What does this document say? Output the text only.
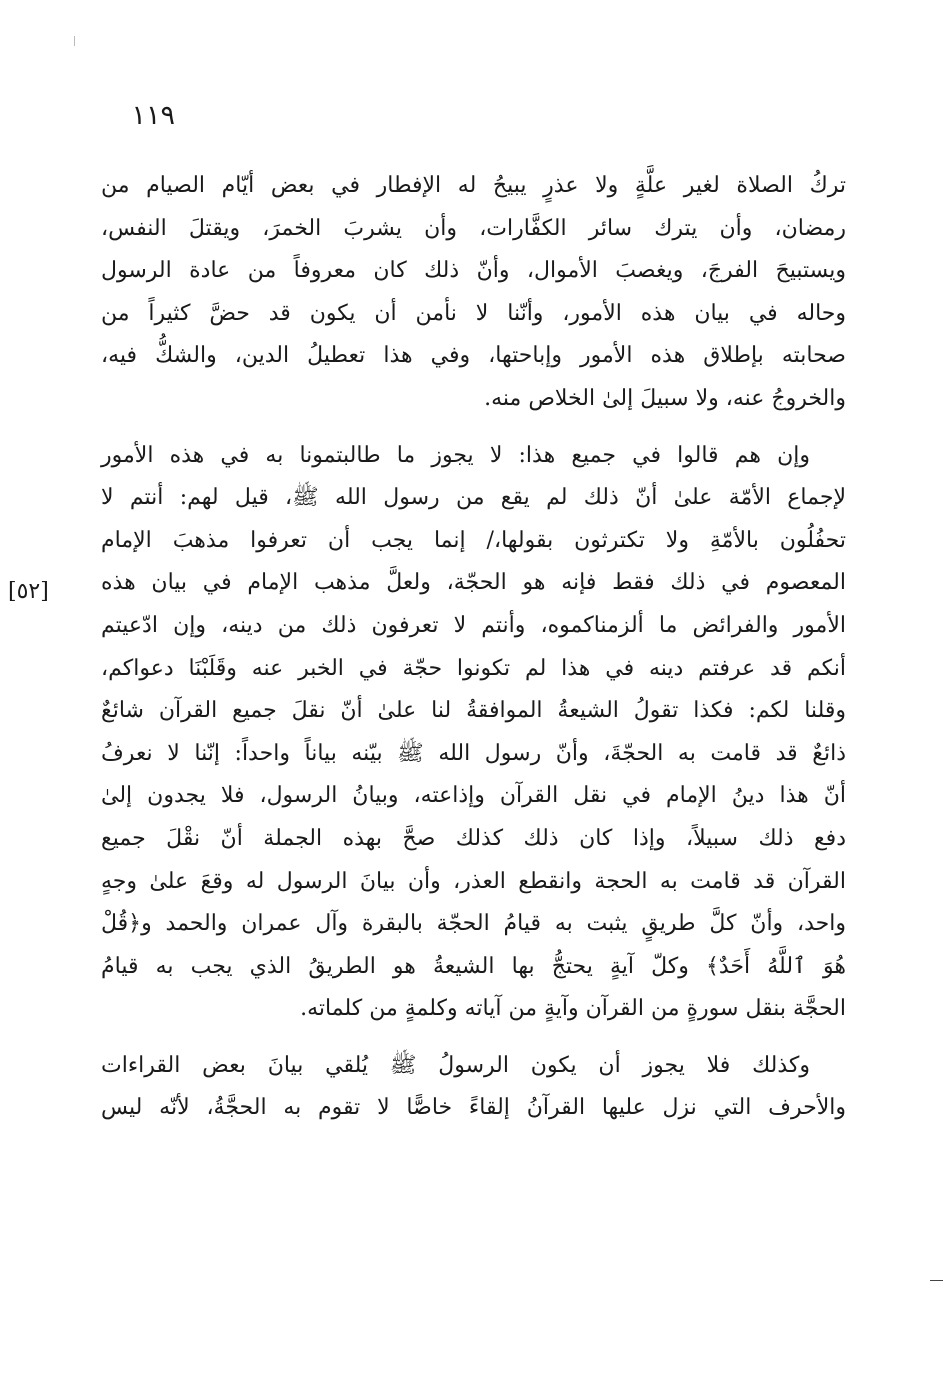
١١٩
[٥٢]

تركُ الصلاة لغير علَّةٍ ولا عذرٍ يبيحُ له الإفطار في بعض أيّام الصيام من
رمضان، وأن يترك سائر الكفَّارات، وأن يشربَ الخمرَ، ويقتلَ النفس،
ويستبيحَ الفرجَ، ويغصبَ الأموال، وأنّ ذلك كان معروفاً من عادة الرسول
وحاله في بيان هذه الأمور، وأنّنا لا نأمن أن يكون قد حضَّ كثيراً من
صحابته بإطلاق هذه الأمور وإباحتها، وفي هذا تعطيلُ الدين، والشكُّ فيه،
والخروجُ عنه، ولا سبيلَ إلىٰ الخلاص منه.

وإن هم قالوا في جميع هذا: لا يجوز ما طالبتمونا به في هذه الأمور
لإجماع الأمّة علىٰ أنّ ذلك لم يقع من رسول الله ﷺ، قيل لهم: أنتم لا
تحفُلُون بالأمّةِ ولا تكترثون بقولها،/ إنما يجب أن تعرفوا مذهبَ الإمام
المعصوم في ذلك فقط فإنه هو الحجّة، ولعلَّ مذهب الإمام في بيان هذه
الأمور والفرائض ما ألزمناكموه، وأنتم لا تعرفون ذلك من دينه، وإن ادّعيتم
أنكم قد عرفتم دينه في هذا لم تكونوا حجّة في الخبر عنه وقَلَبْنَا دعواكم،
وقلنا لكم: فكذا تقولُ الشيعةُ الموافقةُ لنا علىٰ أنّ نقلَ جميع القرآن شائعٌ
ذائعٌ قد قامت به الحجّةَ، وأنّ رسول الله ﷺ بيّنه بياناً واحداً: إنّنا لا نعرفُ
أنّ هذا دينُ الإمام في نقل القرآن وإذاعته، وبيانُ الرسول، فلا يجدون إلىٰ
دفع ذلك سبيلاً، وإذا كان ذلك كذلك صحَّ بهذه الجملة أنّ نقْلَ جميع
القرآن قد قامت به الحجة وانقطع العذر، وأن بيانَ الرسول له وقعَ علىٰ وجهٍ
واحد، وأنّ كلَّ طريقٍ يثبت به قيامُ الحجّة بالبقرة وآل عمران والحمد و﴿قُلْ
هُوَ ٱللَّهُ أَحَدٌ﴾ وكلّ آيةٍ يحتجُّ بها الشيعةُ هو الطريقُ الذي يجب به قيامُ
الحجَّة بنقل سورةٍ من القرآن وآيةٍ من آياته وكلمةٍ من كلماته.

وكذلك فلا يجوز أن يكون الرسولُ ﷺ يُلقي بيانَ بعض القراءات
والأحرف التي نزل عليها القرآنُ إلقاءً خاصًّا لا تقوم به الحجَّةُ، لأنّه ليس
